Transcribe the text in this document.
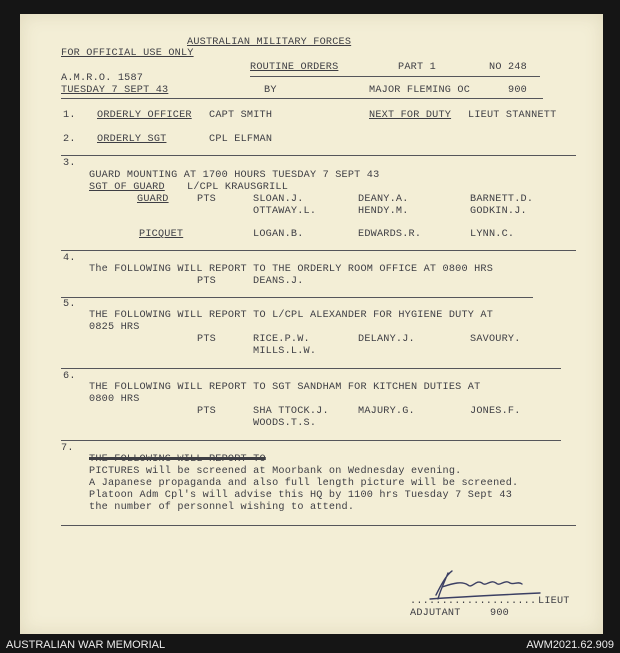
AUSTRALIAN MILITARY FORCES
FOR OFFICIAL USE ONLY
A.M.R.O. 1587
ROUTINE ORDERS	PART 1	NO 248
TUESDAY 7 SEPT 43	BY	MAJOR FLEMING OC	900
1. ORDERLY OFFICER CAPT SMITH	NEXT FOR DUTY LIEUT STANNETT
2. ORDERLY SGT	CPL ELFMAN
3.
GUARD MOUNTING AT 1700 HOURS TUESDAY 7 SEPT 43
SGT OF GUARD L/CPL KRAUSGRILL
GUARD	PTS	SLOAN.J.	DEANY.A.	BARNETT.D.
OTTAWAY.L.	HENDY.M.	GODKIN.J.
PICQUET	LOGAN.B.	EDWARDS.R.	LYNN.C.
4.
The FOLLOWING WILL REPORT TO THE ORDERLY ROOM OFFICE AT 0800 HRS
PTS	DEANS.J.
5.
THE FOLLOWING WILL REPORT TO L/CPL ALEXANDER FOR HYGIENE DUTY AT
0825 HRS
PTS	RICE.P.W.	DELANY.J.	SAVOURY.
MILLS.L.W.
6.
THE FOLLOWING WILL REPORT TO SGT SANDHAM FOR KITCHEN DUTIES AT
0800 HRS
PTS	SHA TTOCK.J.	MAJURY.G.	JONES.F.
WOODS.T.S.
7.
THE FOLLOWING WILL REPORT TO
PICTURES will be screened at Moorbank on Wednesday evening.
A Japanese propaganda and also full length picture will be screened.
Platoon Adm Cpl's will advise this HQ by 1100 hrs Tuesday 7 Sept 43
the number of personnel wishing to attend.
.................... LIEUT
ADJUTANT	900
AUSTRALIAN WAR MEMORIAL	AWM2021.62.909
